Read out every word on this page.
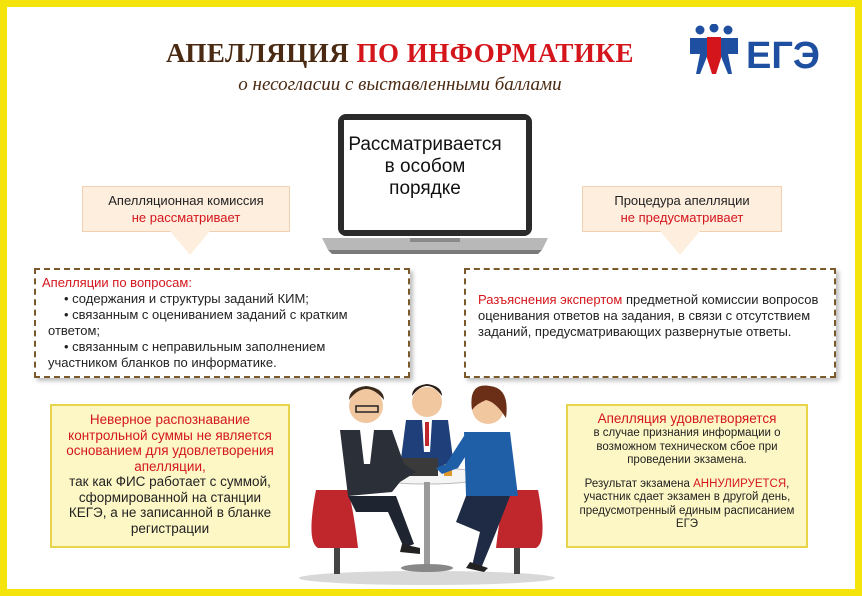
АПЕЛЛЯЦИЯ ПО ИНФОРМАТИКЕ
о несогласии с выставленными баллами
ЕГЭ
Рассматривается
в особом
порядке
Апелляционная комиссия
не рассматривает
Процедура апелляции
не предусматривает
Апелляции по вопросам:
• содержания и структуры заданий КИМ;
• связанным с оцениванием заданий с кратким
ответом;
• связанным с неправильным заполнением
участником бланков по информатике.
Разъяснения экспертом предметной комиссии вопросов оценивания ответов на задания, в связи с отсутствием заданий, предусматривающих развернутые ответы.
Неверное распознавание контрольной суммы не является основанием для удовлетворения апелляции,
так как ФИС работает с суммой, сформированной на станции КЕГЭ, а не записанной в бланке регистрации
Апелляция удовлетворяется
в случае признания информации о возможном техническом сбое при проведении экзамена.
Результат экзамена АННУЛИРУЕТСЯ, участник сдает экзамен в другой день, предусмотренный единым расписанием ЕГЭ
